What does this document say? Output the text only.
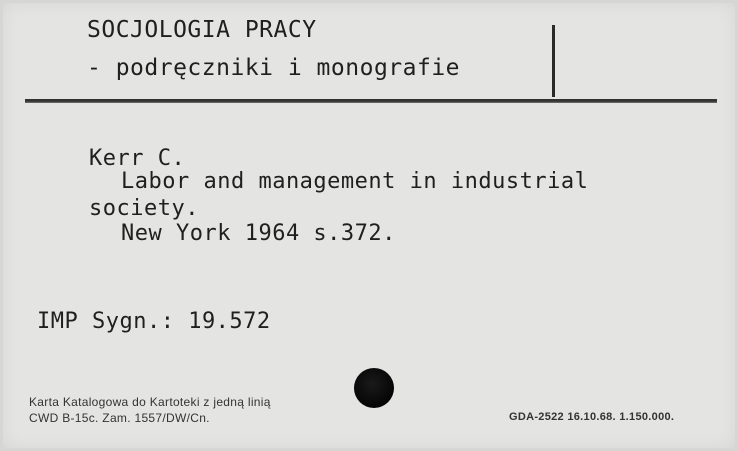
SOCJOLOGIA PRACY
- podręczniki i monografie
Kerr C.
Labor and management in industrial
society.
New York 1964 s.372.
IMP Sygn.: 19.572
Karta Katalogowa do Kartoteki z jedną linią
CWD B-15c. Zam. 1557/DW/Cn.	GDA-2522 16.10.68. 1.150.000.
